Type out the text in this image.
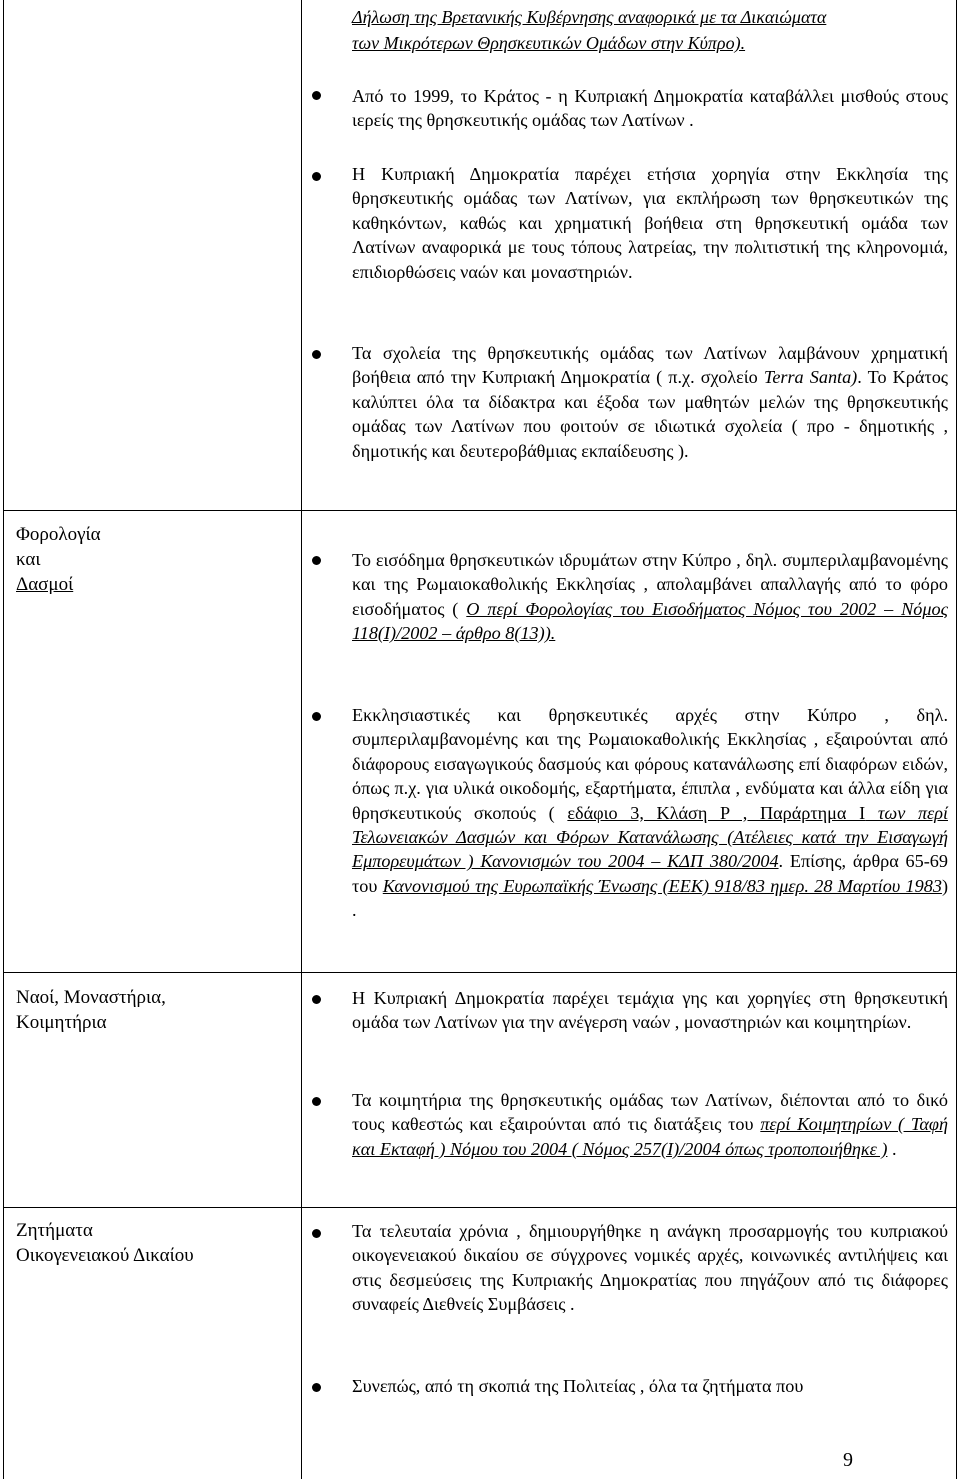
Δήλωση της Βρετανικής Κυβέρνησης αναφορικά με τα Δικαιώματα
των Μικρότερων Θρησκευτικών Ομάδων στην Κύπρο).
Φορολογία
και
Δασμοί
Ναοί, Μοναστήρια,
Κοιμητήρια
Ζητήματα
Οικογενειακού Δικαίου

Από το 1999, το Κράτος - η Κυπριακή Δημοκρατία καταβάλλει μισθούς στους ιερείς της θρησκευτικής ομάδας των Λατίνων .

Η Κυπριακή Δημοκρατία παρέχει ετήσια χορηγία στην Εκκλησία της θρησκευτικής ομάδας των Λατίνων, για εκπλήρωση των θρησκευτικών της καθηκόντων, καθώς και χρηματική βοήθεια στη θρησκευτική ομάδα των Λατίνων αναφορικά με τους τόπους λατρείας, την πολιτιστική της κληρονομιά, επιδιορθώσεις ναών και μοναστηριών.

Τα σχολεία της θρησκευτικής ομάδας των Λατίνων λαμβάνουν χρηματική βοήθεια από την Κυπριακή Δημοκρατία ( π.χ. σχολείο Terra Santa). Το Κράτος καλύπτει όλα τα δίδακτρα και έξοδα των μαθητών μελών της θρησκευτικής ομάδας των Λατίνων που φοιτούν σε ιδιωτικά σχολεία ( προ - δημοτικής , δημοτικής και δευτεροβάθμιας εκπαίδευσης ).

Το εισόδημα θρησκευτικών ιδρυμάτων στην Κύπρο , δηλ. συμπεριλαμβανομένης και της Ρωμαιοκαθολικής Εκκλησίας , απολαμβάνει απαλλαγής από το φόρο εισοδήματος ( Ο περί Φορολογίας του Εισοδήματος Νόμος του 2002 – Νόμος 118(Ι)/2002 – άρθρο 8(13)).

Εκκλησιαστικές και θρησκευτικές αρχές στην Κύπρο , δηλ. συμπεριλαμβανομένης και της Ρωμαιοκαθολικής Εκκλησίας , εξαιρούνται από διάφορους εισαγωγικούς δασμούς και φόρους κατανάλωσης επί διαφόρων ειδών, όπως π.χ. για υλικά οικοδομής, εξαρτήματα, έπιπλα , ενδύματα και άλλα είδη για θρησκευτικούς σκοπούς ( εδάφιο 3, Κλάση Ρ , Παράρτημα Ι των περί Τελωνειακών Δασμών και Φόρων Κατανάλωσης (Ατέλειες κατά την Εισαγωγή Εμπορευμάτων ) Κανονισμών του 2004 – ΚΔΠ 380/2004. Επίσης, άρθρα 65-69 του Κανονισμού της Ευρωπαϊκής Ένωσης (ΕΕΚ) 918/83 ημερ. 28 Μαρτίου 1983) .

Η Κυπριακή Δημοκρατία παρέχει τεμάχια γης και χορηγίες στη θρησκευτική ομάδα των Λατίνων για την ανέγερση ναών , μοναστηριών και κοιμητηρίων.

Τα κοιμητήρια της θρησκευτικής ομάδας των Λατίνων, διέπονται από το δικό τους καθεστώς και εξαιρούνται από τις διατάξεις του περί Κοιμητηρίων ( Ταφή και Εκταφή ) Νόμου του 2004 ( Νόμος 257(Ι)/2004 όπως τροποποιήθηκε ) .

Τα τελευταία χρόνια , δημιουργήθηκε η ανάγκη προσαρμογής του κυπριακού οικογενειακού δικαίου σε σύγχρονες νομικές αρχές, κοινωνικές αντιλήψεις και στις δεσμεύσεις της Κυπριακής Δημοκρατίας που πηγάζουν από τις διάφορες συναφείς Διεθνείς Συμβάσεις .

Συνεπώς, από τη σκοπιά της Πολιτείας , όλα τα ζητήματα που

9
